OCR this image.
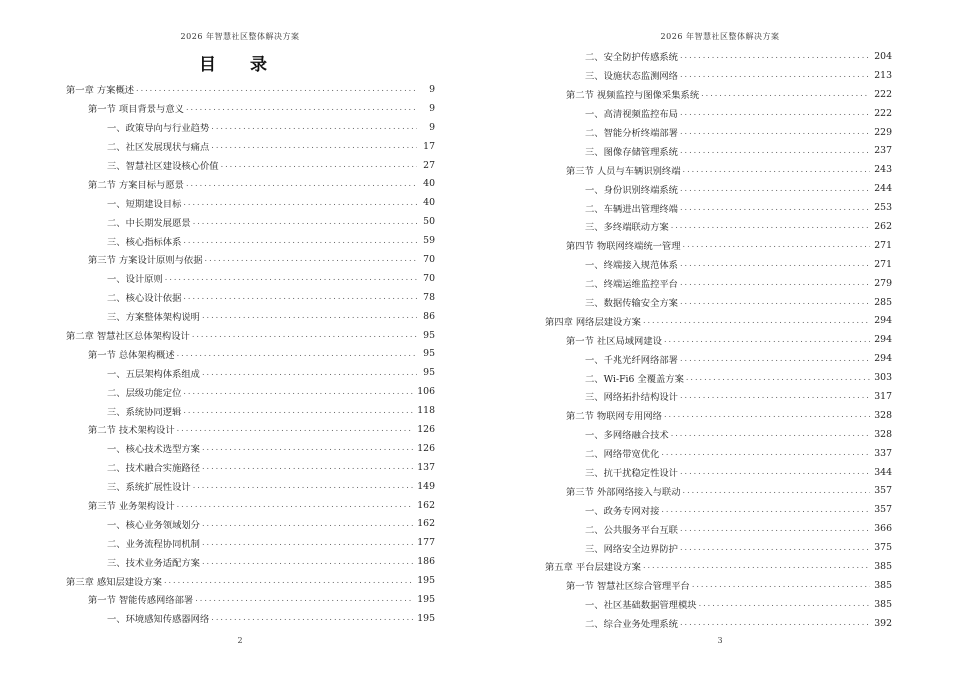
2026 年智慧社区整体解决方案
目 录
第一章 方案概述 .....	9
第一节 项目背景与意义 .....	9
一、政策导向与行业趋势 .....	9
二、社区发展现状与痛点 .....	17
三、智慧社区建设核心价值 .....	27
第二节 方案目标与愿景 .....	40
一、短期建设目标 .....	40
二、中长期发展愿景 .....	50
三、核心指标体系 .....	59
第三节 方案设计原则与依据 .....	70
一、设计原则 .....	70
二、核心设计依据 .....	78
三、方案整体架构说明 .....	86
第二章 智慧社区总体架构设计 .....	95
第一节 总体架构概述 .....	95
一、五层架构体系组成 .....	95
二、层级功能定位 .....	106
三、系统协同逻辑 .....	118
第二节 技术架构设计 .....	126
一、核心技术选型方案 .....	126
二、技术融合实施路径 .....	137
三、系统扩展性设计 .....	149
第三节 业务架构设计 .....	162
一、核心业务领域划分 .....	162
二、业务流程协同机制 .....	177
三、技术业务适配方案 .....	186
第三章 感知层建设方案 .....	195
第一节 智能传感网络部署 .....	195
一、环境感知传感器网络 .....	195
2
2026 年智慧社区整体解决方案
二、安全防护传感系统 .....	204
三、设施状态监测网络 .....	213
第二节 视频监控与图像采集系统 .....	222
一、高清视频监控布局 .....	222
二、智能分析终端部署 .....	229
三、图像存储管理系统 .....	237
第三节 人员与车辆识别终端 .....	243
一、身份识别终端系统 .....	244
二、车辆进出管理终端 .....	253
三、多终端联动方案 .....	262
第四节 物联网终端统一管理 .....	271
一、终端接入规范体系 .....	271
二、终端运维监控平台 .....	279
三、数据传输安全方案 .....	285
第四章 网络层建设方案 .....	294
第一节 社区局域网建设 .....	294
一、千兆光纤网络部署 .....	294
二、Wi-Fi6 全覆盖方案 .....	303
三、网络拓扑结构设计 .....	317
第二节 物联网专用网络 .....	328
一、多网络融合技术 .....	328
二、网络带宽优化 .....	337
三、抗干扰稳定性设计 .....	344
第三节 外部网络接入与联动 .....	357
一、政务专网对接 .....	357
二、公共服务平台互联 .....	366
三、网络安全边界防护 .....	375
第五章 平台层建设方案 .....	385
第一节 智慧社区综合管理平台 .....	385
一、社区基础数据管理模块 .....	385
二、综合业务处理系统 .....	392
3
